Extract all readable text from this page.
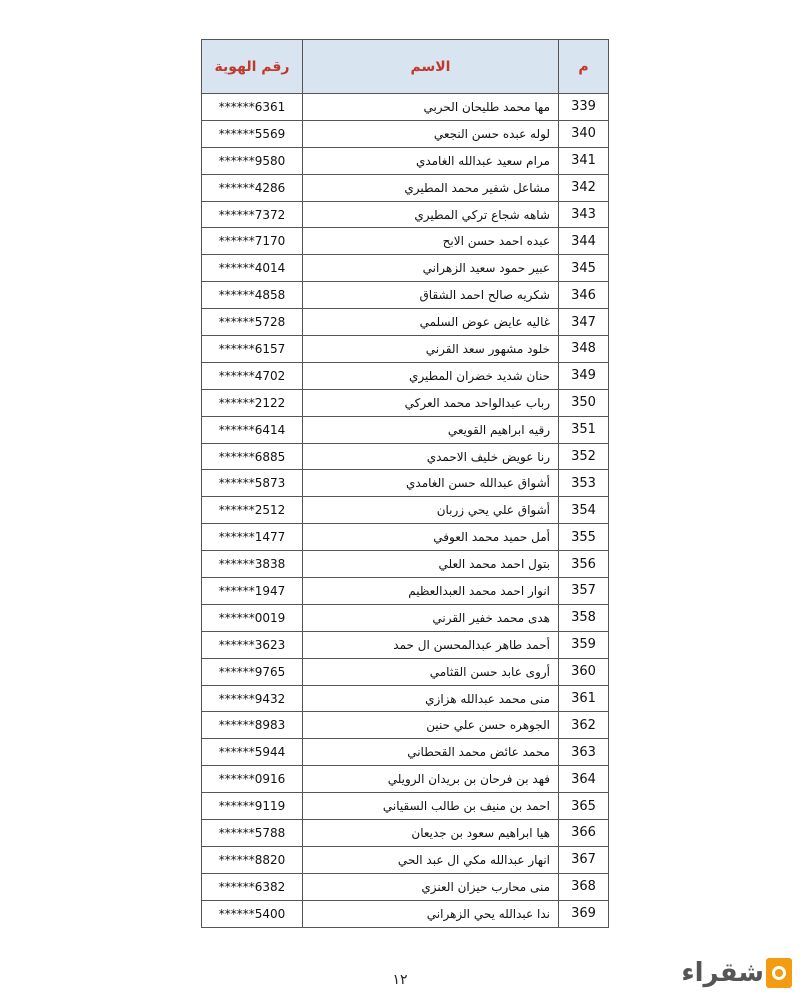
م
الاسم
رقم الهوية
339
مها محمد طليحان الحربي
******6361
340
لوله عبده حسن النجعي
******5569
341
مرام سعيد عبدالله الغامدي
******9580
342
مشاعل شفير محمد المطيري
******4286
343
شاهه شجاع تركي المطيري
******7372
344
عبده احمد حسن الابح
******7170
345
عبير حمود سعيد الزهراني
******4014
346
شكريه صالح احمد الشقاق
******4858
347
غاليه عايض عوض السلمي
******5728
348
خلود مشهور سعد القرني
******6157
349
حنان شديد خضران المطيري
******4702
350
رباب عبدالواحد محمد العركي
******2122
351
رقيه ابراهيم القويعي
******6414
352
رنا عويض خليف الاحمدي
******6885
353
أشواق عبدالله حسن الغامدي
******5873
354
أشواق علي يحي زربان
******2512
355
أمل حميد محمد العوفي
******1477
356
بتول احمد محمد العلي
******3838
357
انوار احمد محمد العبدالعظيم
******1947
358
هدى محمد خفير القرني
******0019
359
أحمد طاهر عبدالمحسن ال حمد
******3623
360
أروى عابد حسن القثامي
******9765
361
منى محمد عبدالله هزازي
******9432
362
الجوهره حسن علي حنين
******8983
363
محمد عائض محمد القحطاني
******5944
364
فهد بن فرحان بن بريدان الرويلي
******0916
365
احمد بن منيف بن طالب السقياني
******9119
366
هيا ابراهيم سعود بن جديعان
******5788
367
انهار عبدالله مكي ال عبد الحي
******8820
368
منى محارب حيزان العنزي
******6382
369
ندا عبدالله يحي الزهراني
******5400
١٢	شقراء
